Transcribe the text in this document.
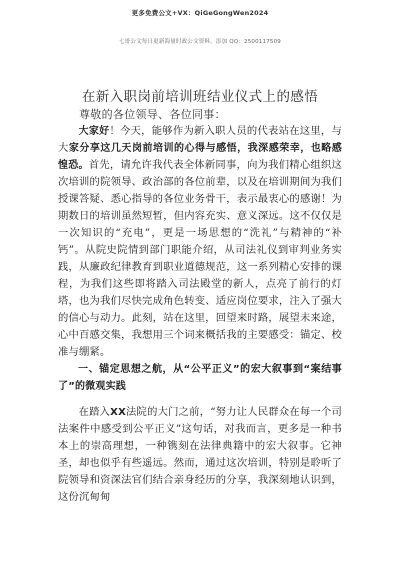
更多免费公文+VX：QiGeGongWen2024
七哥公文每日更新海量时政公文资料，添加 QQ：2500117509
在新入职岗前培训班结业仪式上的感悟
尊敬的各位领导、各位同事：

大家好！今天，能够作为新入职人员的代表站在这里，与大家分享这几天岗前培训的心得与感悟，我深感荣幸，也略感惶恐。首先，请允许我代表全体新同事，向为我们精心组织这次培训的院领导、政治部的各位前辈，以及在培训期间为我们授课答疑、悉心指导的各位业务骨干，表示最衷心的感谢！为期数日的培训虽然短暂，但内容充实、意义深远。这不仅仅是一次知识的“充电”，更是一场思想的“洗礼”与精神的“补钙”。从院史院情到部门职能介绍，从司法礼仪到审判业务实践，从廉政纪律教育到职业道德规范，这一系列精心安排的课程，为我们这些即将踏入司法殿堂的新人，点亮了前行的灯塔，也为我们尽快完成角色转变、适应岗位要求，注入了强大的信心与动力。此刻，站在这里，回望来时路，展望未来途，心中百感交集，我想用三个词来概括我的主要感受：锚定、校准与绷紧。

一、锚定思想之航，从“公平正义”的宏大叙事到“案结事了”的微观实践

在踏入XX法院的大门之前，“努力让人民群众在每一个司法案件中感受到公平正义”这句话，对我而言，更多是一种书本上的崇高理想，一种镌刻在法律典籍中的宏大叙事。它神圣，却也似乎有些遥远。然而，通过这次培训，特别是聆听了院领导和资深法官们结合亲身经历的分享，我深刻地认识到，这份沉甸甸
